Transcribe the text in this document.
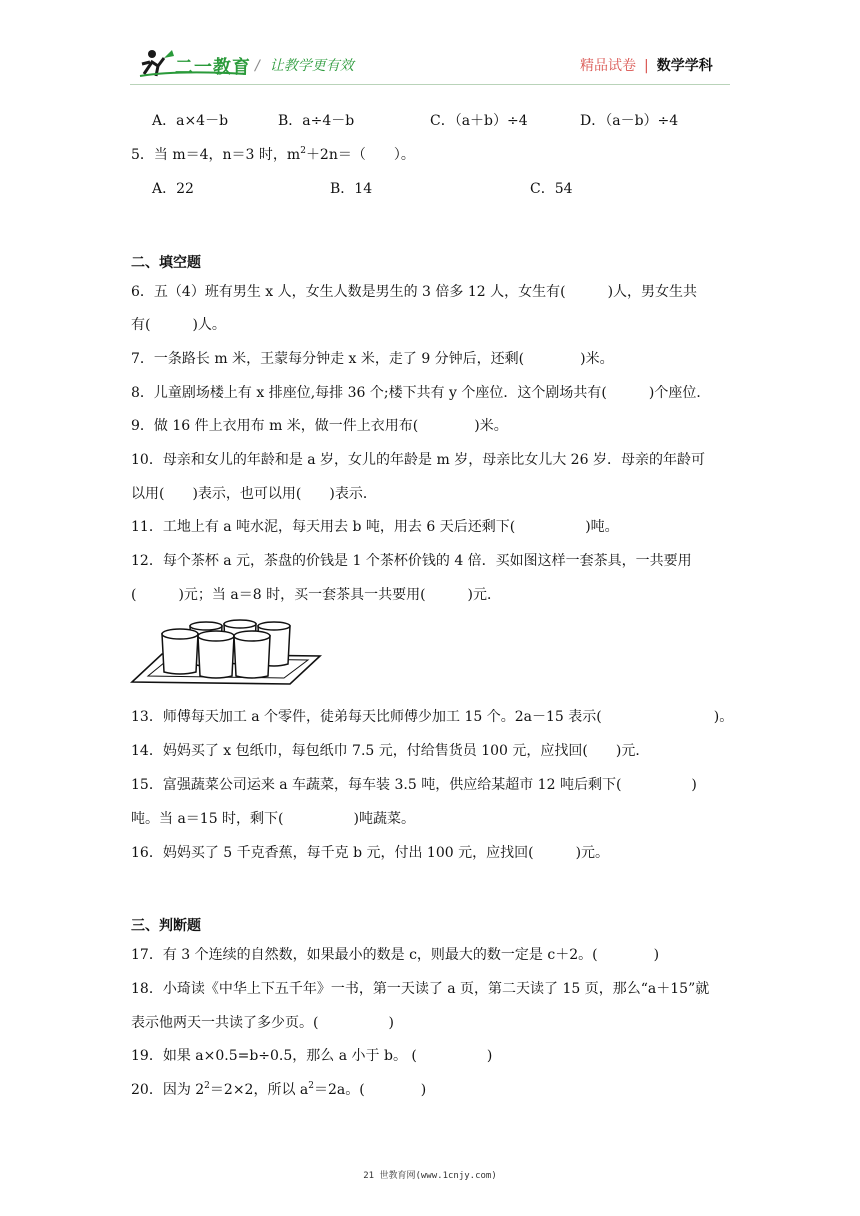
二一教育 / 让教学更有效	精品试卷 | 数学学科
A．a×4－b	B．a÷4－b	C．（a＋b）÷4	D．（a－b）÷4
5．当 m＝4，n＝3 时，$m^2+2n=$（　　）。
A．22	B．14	C．54
二、填空题
6．五（4）班有男生 x 人，女生人数是男生的 3 倍多 12 人，女生有(　　　)人，男女生共
有(　　　)人。
7．一条路长 m 米，王蒙每分钟走 x 米，走了 9 分钟后，还剩(　　　　)米。
8．儿童剧场楼上有 x 排座位,每排 36 个;楼下共有 y 个座位．这个剧场共有(　　　)个座位．
9．做 16 件上衣用布 m 米，做一件上衣用布(　　　　)米。
10．母亲和女儿的年龄和是 a 岁，女儿的年龄是 m 岁，母亲比女儿大 26 岁．母亲的年龄可
以用(　　)表示，也可以用(　　)表示．
11．工地上有 a 吨水泥，每天用去 b 吨，用去 6 天后还剩下(　　　　　)吨。
12．每个茶杯 a 元，茶盘的价钱是 1 个茶杯价钱的 4 倍．买如图这样一套茶具，一共要用
(　　　)元；当 a＝8 时，买一套茶具一共要用(　　　)元．
13．师傅每天加工 a 个零件，徒弟每天比师傅少加工 15 个。2a－15 表示(　　　　　　　　)。
14．妈妈买了 x 包纸巾，每包纸巾 7.5 元，付给售货员 100 元，应找回(　　)元．
15．富强蔬菜公司运来 a 车蔬菜，每车装 3.5 吨，供应给某超市 12 吨后剩下(　　　　　)
吨。当 a＝15 时，剩下(　　　　　)吨蔬菜。
16．妈妈买了 5 千克香蕉，每千克 b 元，付出 100 元，应找回(　　　)元。
三、判断题
17．有 3 个连续的自然数，如果最小的数是 c，则最大的数一定是 c＋2。(　　　　)
18．小琦读《中华上下五千年》一书，第一天读了 a 页，第二天读了 15 页，那么“a＋15”就
表示他两天一共读了多少页。(　　　　　)
19．如果 a×0.5=b÷0.5，那么 a 小于 b。 (　　　　　)
20．因为 $2^2=2\times 2$，所以 $a^2=2a$。(　　　　)
21 世教育网(www.1cnjy.com)
